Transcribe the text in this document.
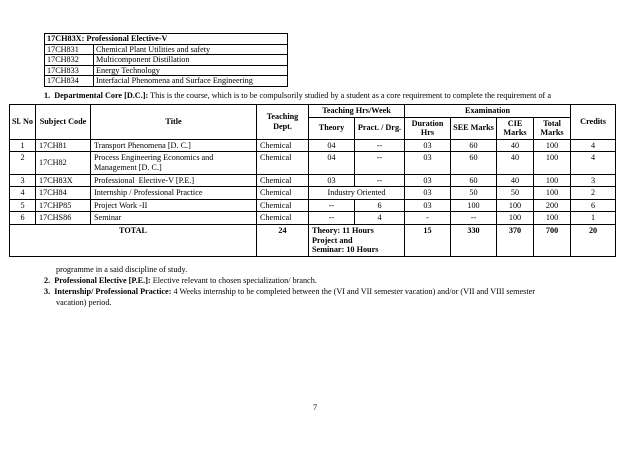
17CH83X: Professional Elective-V	
17CH831	Chemical Plant Utilities and safety
17CH832	Multicomponent Distillation
17CH833	Energy Technology
17CH834	Interfacial Phenomena and Surface Engineering
1. Departmental Core [D.C.]: This is the course, which is to be compulsorily studied by a student as a core requirement to complete the requirement of a
Sl. No	Subject Code	Title	Teaching Dept.	Teaching Hrs/Week		Examination				Credits
				Theory	Pract. / Drg.	Duration Hrs	SEE Marks	CIE Marks	Total Marks	
1	17CH81	Transport Phenomena [D. C.]	Chemical	04	--	03	60	40	100	4
2	17CH82	Process Engineering Economics and Management [D. C.]	Chemical	04	--	03	60	40	100	4
3	17CH83X	Professional  Elective-V [P.E.]	Chemical	03	--	03	60	40	100	3
4	17CH84	Internship / Professional Practice	Chemical	Industry Oriented		03	50	50	100	2
5	17CHP85	Project Work -II	Chemical	--	6	03	100	100	200	6
6	17CHS86	Seminar	Chemical	--	4	-	--	100	100	1
TOTAL			24	Theory: 11 Hours
Project and
Seminar: 10 Hours		15	330	370	700	20
programme in a said discipline of study.
2. Professional Elective [P.E.]: Elective relevant to chosen specialization/ branch.
3. Internship/ Professional Practice: 4 Weeks internship to be completed between the (VI and VII semester vacation) and/or (VII and VIII semester
vacation) period.
7
